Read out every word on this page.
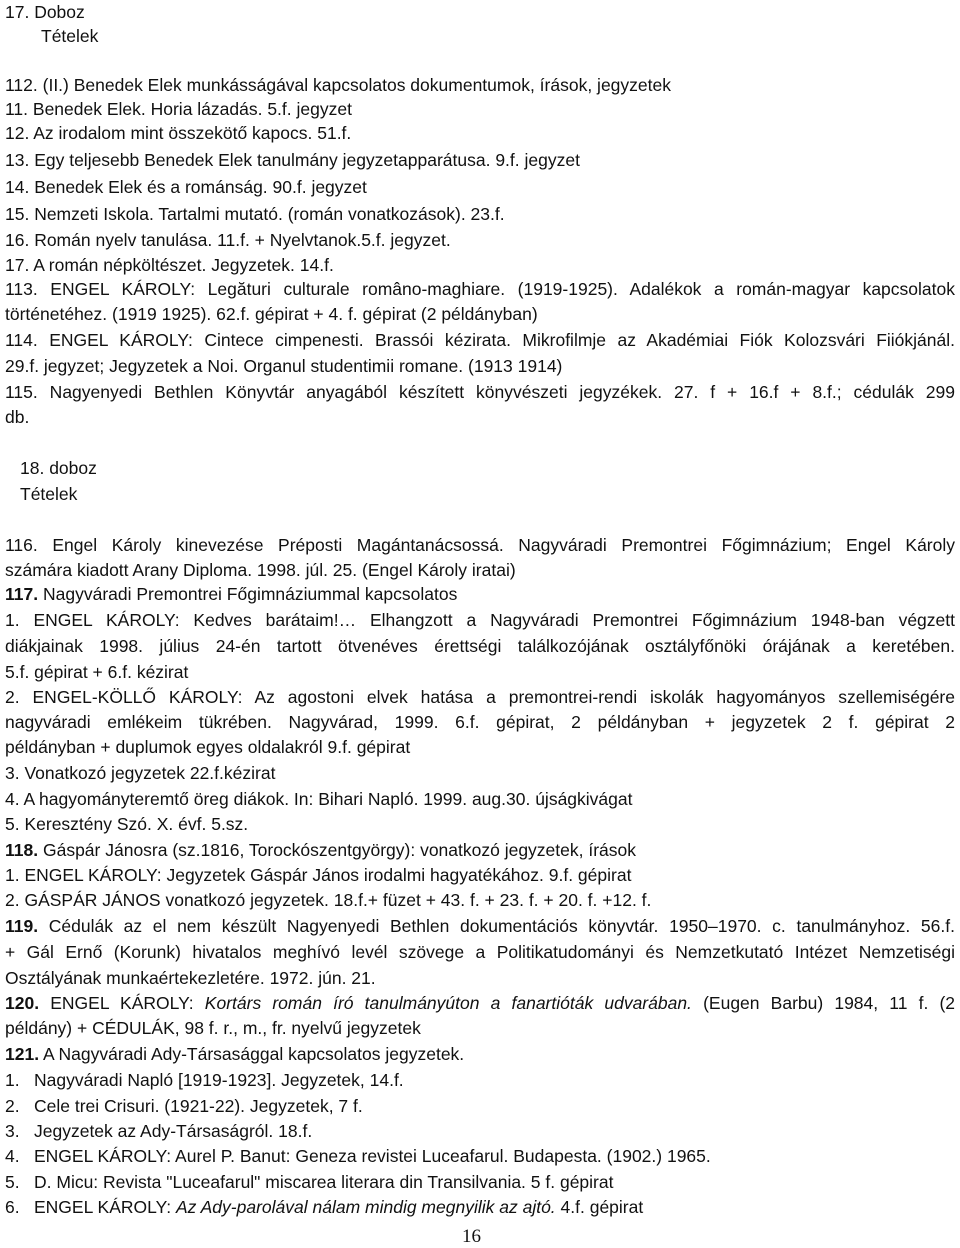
17. Doboz
Tételek
112. (II.) Benedek Elek munkásságával kapcsolatos dokumentumok, írások, jegyzetek
11. Benedek Elek. Horia lázadás. 5.f. jegyzet
12. Az irodalom mint összekötő kapocs. 51.f.
13. Egy teljesebb Benedek Elek tanulmány jegyzetapparátusa. 9.f. jegyzet
14. Benedek Elek és a románság. 90.f. jegyzet
15. Nemzeti Iskola. Tartalmi mutató. (román vonatkozások). 23.f.
16. Román nyelv tanulása. 11.f. + Nyelvtanok.5.f. jegyzet.
17. A román népköltészet. Jegyzetek. 14.f.
113. ENGEL KÁROLY: Legături culturale româno-maghiare. (1919-1925). Adalékok a román-magyar kapcsolatok
történetéhez. (1919 1925). 62.f. gépirat + 4. f. gépirat (2 példányban)
114. ENGEL KÁROLY: Cintece cimpenesti. Brassói kézirata. Mikrofilmje az Akadémiai Fiók Kolozsvári Fiiókjánál.
29.f. jegyzet; Jegyzetek a Noi. Organul studentimii romane. (1913 1914)
115. Nagyenyedi Bethlen Könyvtár anyagából készített könyvészeti jegyzékek. 27. f + 16.f + 8.f.; cédulák 299
db.
18. doboz
Tételek
116. Engel Károly kinevezése Préposti Magántanácsossá. Nagyváradi Premontrei Főgimnázium; Engel Károly
számára kiadott Arany Diploma. 1998. júl. 25. (Engel Károly iratai)
117. Nagyváradi Premontrei Főgimnáziummal kapcsolatos
1. ENGEL KÁROLY: Kedves barátaim!… Elhangzott a Nagyváradi Premontrei Főgimnázium 1948-ban végzett
diákjainak 1998. július 24-én tartott ötvenéves érettségi találkozójának osztályfőnöki órájának a keretében.
5.f. gépirat + 6.f. kézirat
2. ENGEL-KÖLLŐ KÁROLY: Az agostoni elvek hatása a premontrei-rendi iskolák hagyományos szellemiségére
nagyváradi emlékeim tükrében. Nagyvárad, 1999. 6.f. gépirat, 2 példányban + jegyzetek 2 f. gépirat 2
példányban + duplumok egyes oldalakról 9.f. gépirat
3. Vonatkozó jegyzetek 22.f.kézirat
4. A hagyományteremtő öreg diákok. In: Bihari Napló. 1999. aug.30. újságkivágat
5. Keresztény Szó. X. évf. 5.sz.
118. Gáspár Jánosra (sz.1816, Torockószentgyörgy): vonatkozó jegyzetek, írások
1. ENGEL KÁROLY: Jegyzetek Gáspár János irodalmi hagyatékához. 9.f. gépirat
2. GÁSPÁR JÁNOS vonatkozó jegyzetek. 18.f.+ füzet + 43. f. + 23. f. + 20. f. +12. f.
119. Cédulák az el nem készült Nagyenyedi Bethlen dokumentációs könyvtár. 1950–1970. c. tanulmányhoz. 56.f.
+ Gál Ernő (Korunk) hivatalos meghívó levél szövege a Politikatudományi és Nemzetkutató Intézet Nemzetiségi
Osztályának munkaértekezletére. 1972. jún. 21.
120. ENGEL KÁROLY: Kortárs román író tanulmányúton a fanartióták udvarában. (Eugen Barbu) 1984, 11 f. (2
példány) + CÉDULÁK, 98 f. r., m., fr. nyelvű jegyzetek
121. A Nagyváradi Ady-Társasággal kapcsolatos jegyzetek.
1. Nagyváradi Napló [1919-1923]. Jegyzetek, 14.f.
2. Cele trei Crisuri. (1921-22). Jegyzetek, 7 f.
3. Jegyzetek az Ady-Társaságról. 18.f.
4. ENGEL KÁROLY: Aurel P. Banut: Geneza revistei Luceafarul. Budapesta. (1902.) 1965.
5. D. Micu: Revista "Luceafarul" miscarea literara din Transilvania. 5 f. gépirat
6. ENGEL KÁROLY: Az Ady-parolával nálam mindig megnyilik az ajtó. 4.f. gépirat
16
